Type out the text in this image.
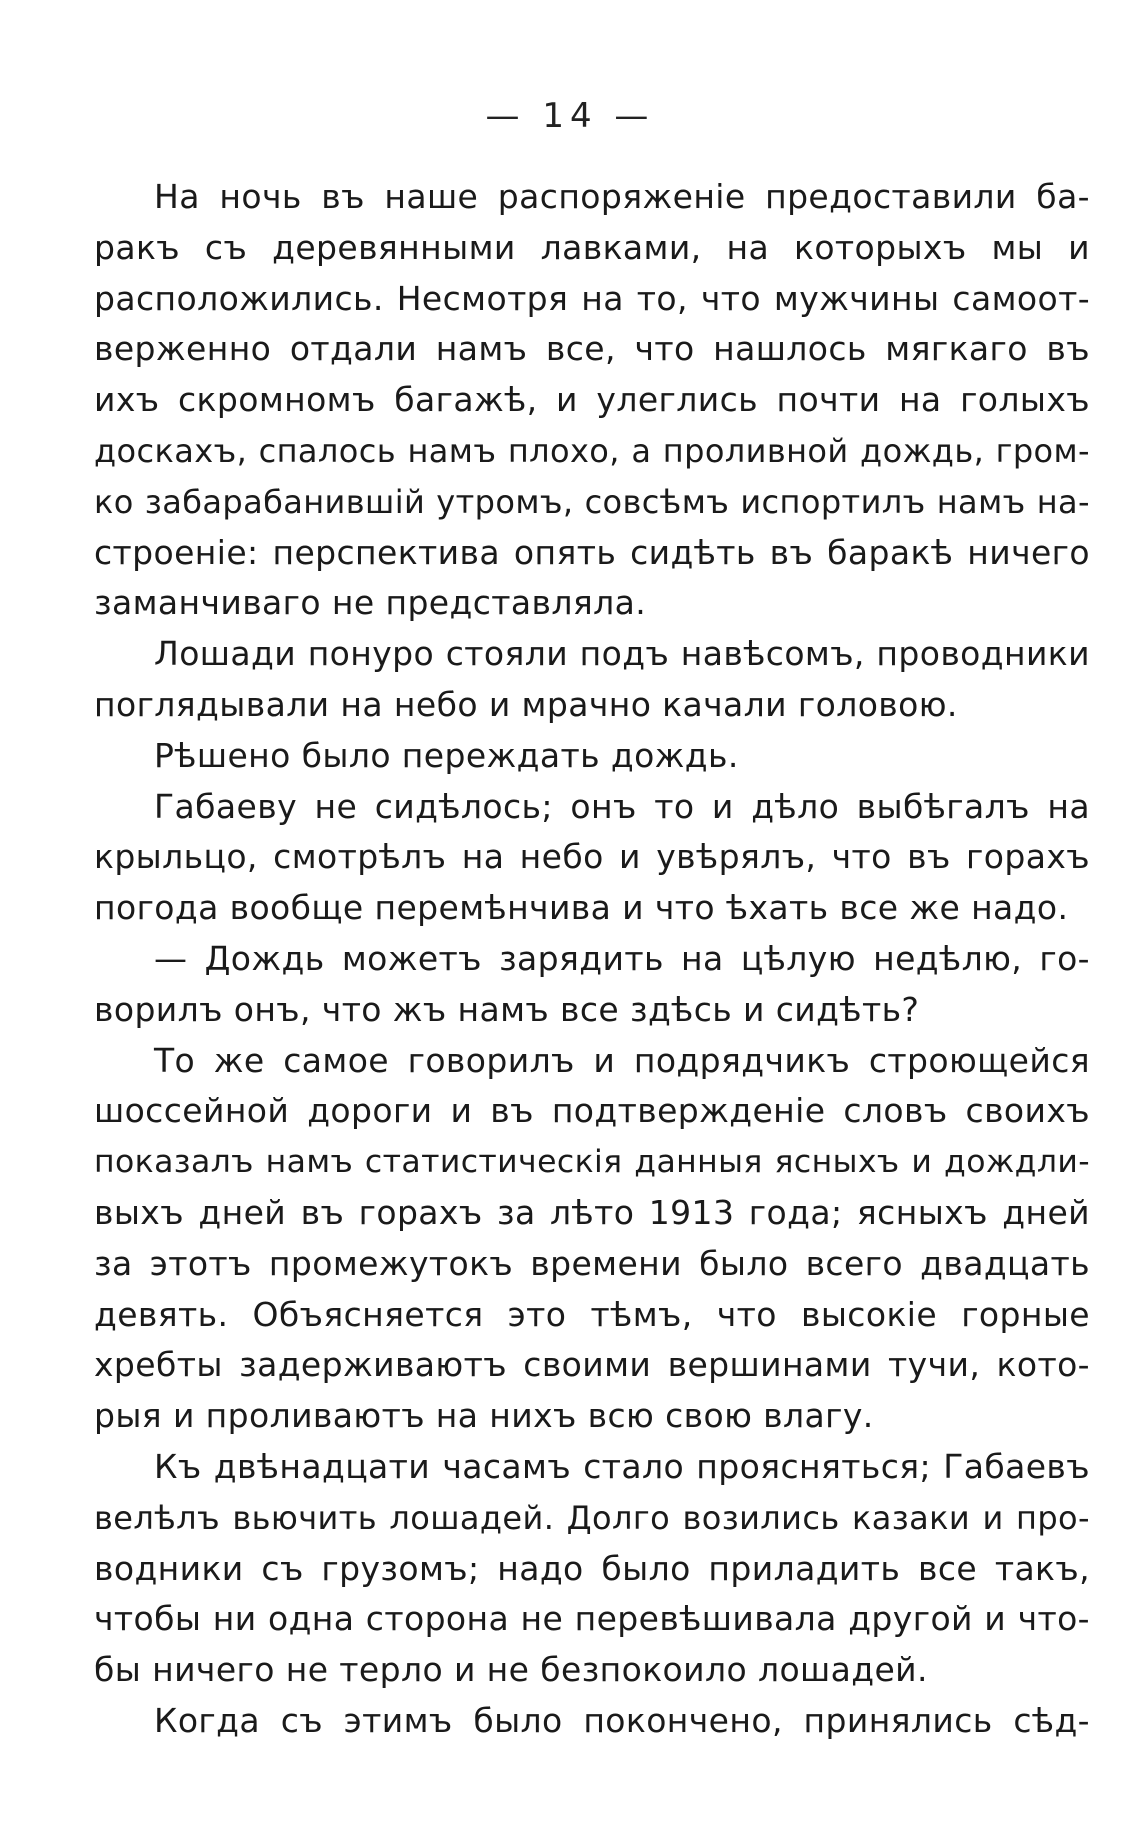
— 14 —
На ночь въ наше распоряженіе предоставили ба-
ракъ съ деревянными лавками, на которыхъ мы и
расположились. Несмотря на то, что мужчины самоот-
верженно отдали намъ все, что нашлось мягкаго въ
ихъ скромномъ багажѣ, и улеглись почти на голыхъ
доскахъ, спалось намъ плохо, а проливной дождь, гром-
ко забарабанившій утромъ, совсѣмъ испортилъ намъ на-
строеніе: перспектива опять сидѣть въ баракѣ ничего
заманчиваго не представляла.
Лошади понуро стояли подъ навѣсомъ, проводники
поглядывали на небо и мрачно качали головою.
Рѣшено было переждать дождь.
Габаеву не сидѣлось; онъ то и дѣло выбѣгалъ на
крыльцо, смотрѣлъ на небо и увѣрялъ, что въ горахъ
погода вообще перемѣнчива и что ѣхать все же надо.
— Дождь можетъ зарядить на цѣлую недѣлю, го-
ворилъ онъ, что жъ намъ все здѣсь и сидѣть?
То же самое говорилъ и подрядчикъ строющейся
шоссейной дороги и въ подтвержденіе словъ своихъ
показалъ намъ статистическія данныя ясныхъ и дождли-
выхъ дней въ горахъ за лѣто 1913 года; ясныхъ дней
за этотъ промежутокъ времени было всего двадцать
девять. Объясняется это тѣмъ, что высокіе горные
хребты задерживаютъ своими вершинами тучи, кото-
рыя и проливаютъ на нихъ всю свою влагу.
Къ двѣнадцати часамъ стало проясняться; Габаевъ
велѣлъ вьючить лошадей. Долго возились казаки и про-
водники съ грузомъ; надо было приладить все такъ,
чтобы ни одна сторона не перевѣшивала другой и что-
бы ничего не терло и не безпокоило лошадей.
Когда съ этимъ было покончено, принялись сѣд-
